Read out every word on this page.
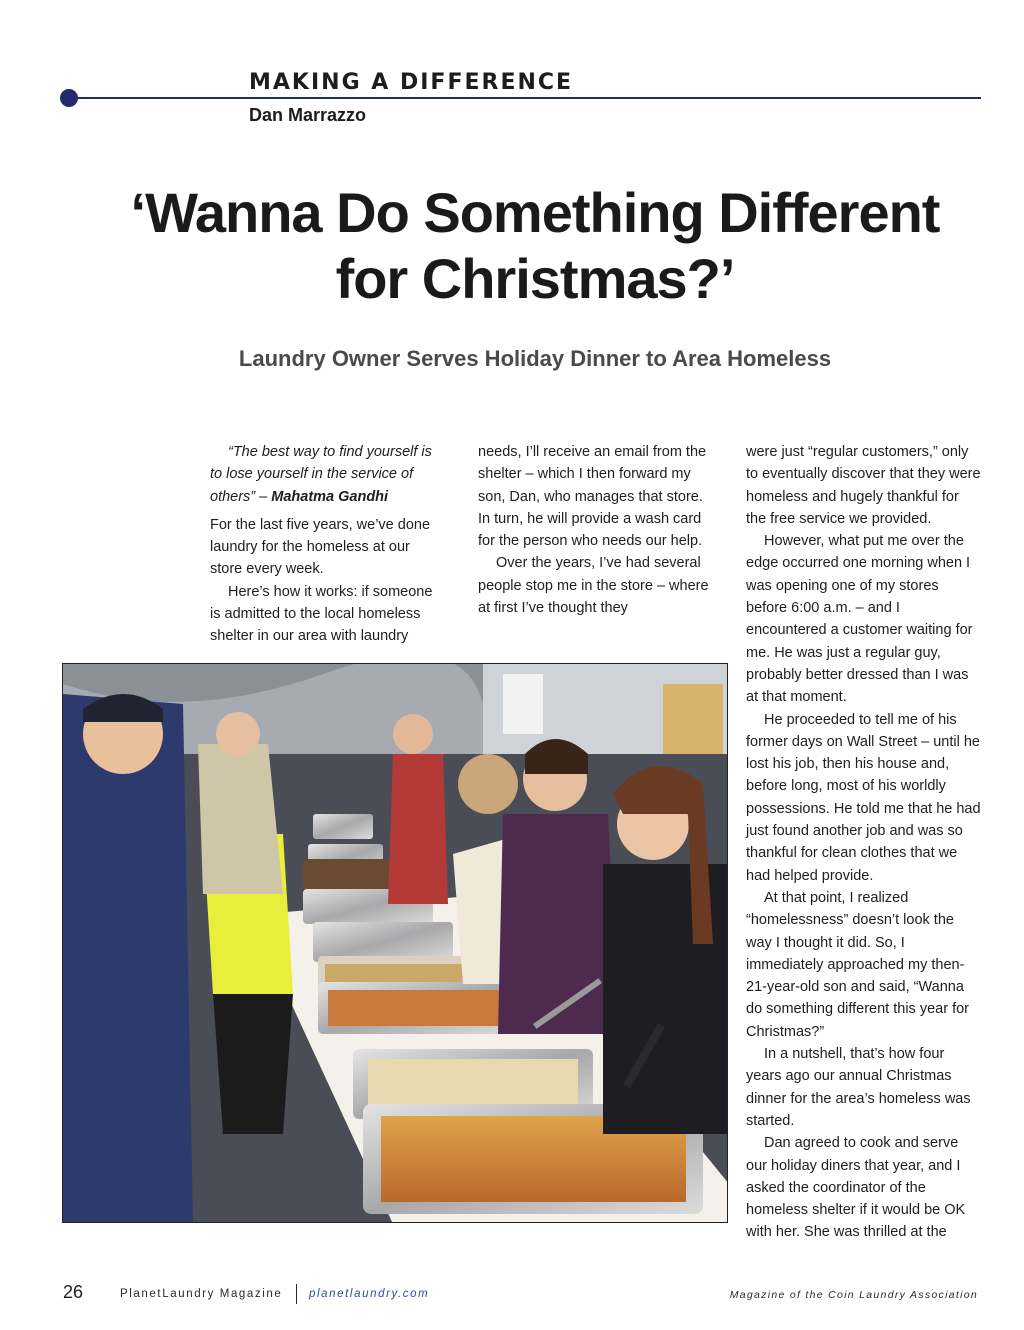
MAKING A DIFFERENCE
Dan Marrazzo
‘Wanna Do Something Different
for Christmas?’
Laundry Owner Serves Holiday Dinner to Area Homeless

“The best way to find yourself is to lose yourself in the service of others” – Mahatma Gandhi

For the last five years, we’ve done laundry for the homeless at our store every week.

Here’s how it works: if someone is admitted to the local homeless shelter in our area with laundry

needs, I’ll receive an email from the shelter – which I then forward my son, Dan, who manages that store. In turn, he will provide a wash card for the person who needs our help.

Over the years, I’ve had several people stop me in the store – where at first I’ve thought they

were just “regular customers,” only to eventually discover that they were homeless and hugely thankful for the free service we provided.

However, what put me over the edge occurred one morning when I was opening one of my stores before 6:00 a.m. – and I encountered a customer waiting for me. He was just a regular guy, probably better dressed than I was at that moment.

He proceeded to tell me of his former days on Wall Street – until he lost his job, then his house and, before long, most of his worldly possessions. He told me that he had just found another job and was so thankful for clean clothes that we had helped provide.

At that point, I realized “homelessness” doesn’t look the way I thought it did. So, I immediately approached my then-21-year-old son and said, “Wanna do something different this year for Christmas?”

In a nutshell, that’s how four years ago our annual Christmas dinner for the area’s homeless was started.

Dan agreed to cook and serve our holiday diners that year, and I asked the coordinator of the homeless shelter if it would be OK with her. She was thrilled at the

26	PlanetLaundry Magazine planetlaundry.com	Magazine of the Coin Laundry Association
